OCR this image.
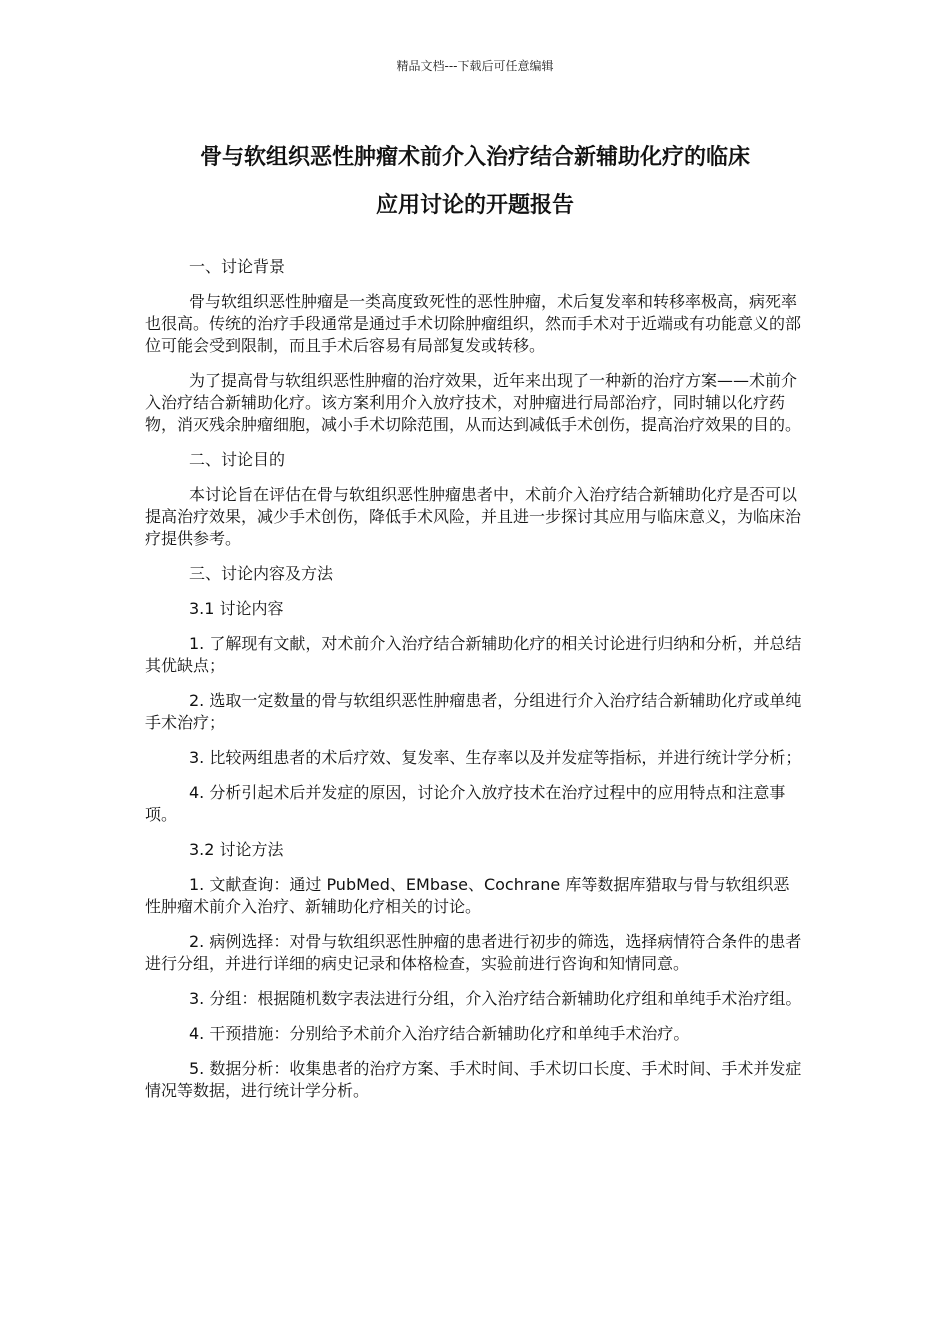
精品文档---下载后可任意编辑
骨与软组织恶性肿瘤术前介入治疗结合新辅助化疗的临床
应用讨论的开题报告

一、讨论背景

骨与软组织恶性肿瘤是一类高度致死性的恶性肿瘤，术后复发率和转移率极高，病死率也很高。传统的治疗手段通常是通过手术切除肿瘤组织，然而手术对于近端或有功能意义的部位可能会受到限制，而且手术后容易有局部复发或转移。

为了提高骨与软组织恶性肿瘤的治疗效果，近年来出现了一种新的治疗方案——术前介入治疗结合新辅助化疗。该方案利用介入放疗技术，对肿瘤进行局部治疗，同时辅以化疗药物，消灭残余肿瘤细胞，减小手术切除范围，从而达到减低手术创伤，提高治疗效果的目的。

二、讨论目的

本讨论旨在评估在骨与软组织恶性肿瘤患者中，术前介入治疗结合新辅助化疗是否可以提高治疗效果，减少手术创伤，降低手术风险，并且进一步探讨其应用与临床意义，为临床治疗提供参考。

三、讨论内容及方法

3.1 讨论内容

1. 了解现有文献，对术前介入治疗结合新辅助化疗的相关讨论进行归纳和分析，并总结其优缺点；

2. 选取一定数量的骨与软组织恶性肿瘤患者，分组进行介入治疗结合新辅助化疗或单纯手术治疗；

3. 比较两组患者的术后疗效、复发率、生存率以及并发症等指标，并进行统计学分析；

4. 分析引起术后并发症的原因，讨论介入放疗技术在治疗过程中的应用特点和注意事项。

3.2 讨论方法

1. 文献查询：通过 PubMed、EMbase、Cochrane 库等数据库猎取与骨与软组织恶性肿瘤术前介入治疗、新辅助化疗相关的讨论。

2. 病例选择：对骨与软组织恶性肿瘤的患者进行初步的筛选，选择病情符合条件的患者进行分组，并进行详细的病史记录和体格检查，实验前进行咨询和知情同意。

3. 分组：根据随机数字表法进行分组，介入治疗结合新辅助化疗组和单纯手术治疗组。

4. 干预措施：分别给予术前介入治疗结合新辅助化疗和单纯手术治疗。

5. 数据分析：收集患者的治疗方案、手术时间、手术切口长度、手术时间、手术并发症情况等数据，进行统计学分析。
